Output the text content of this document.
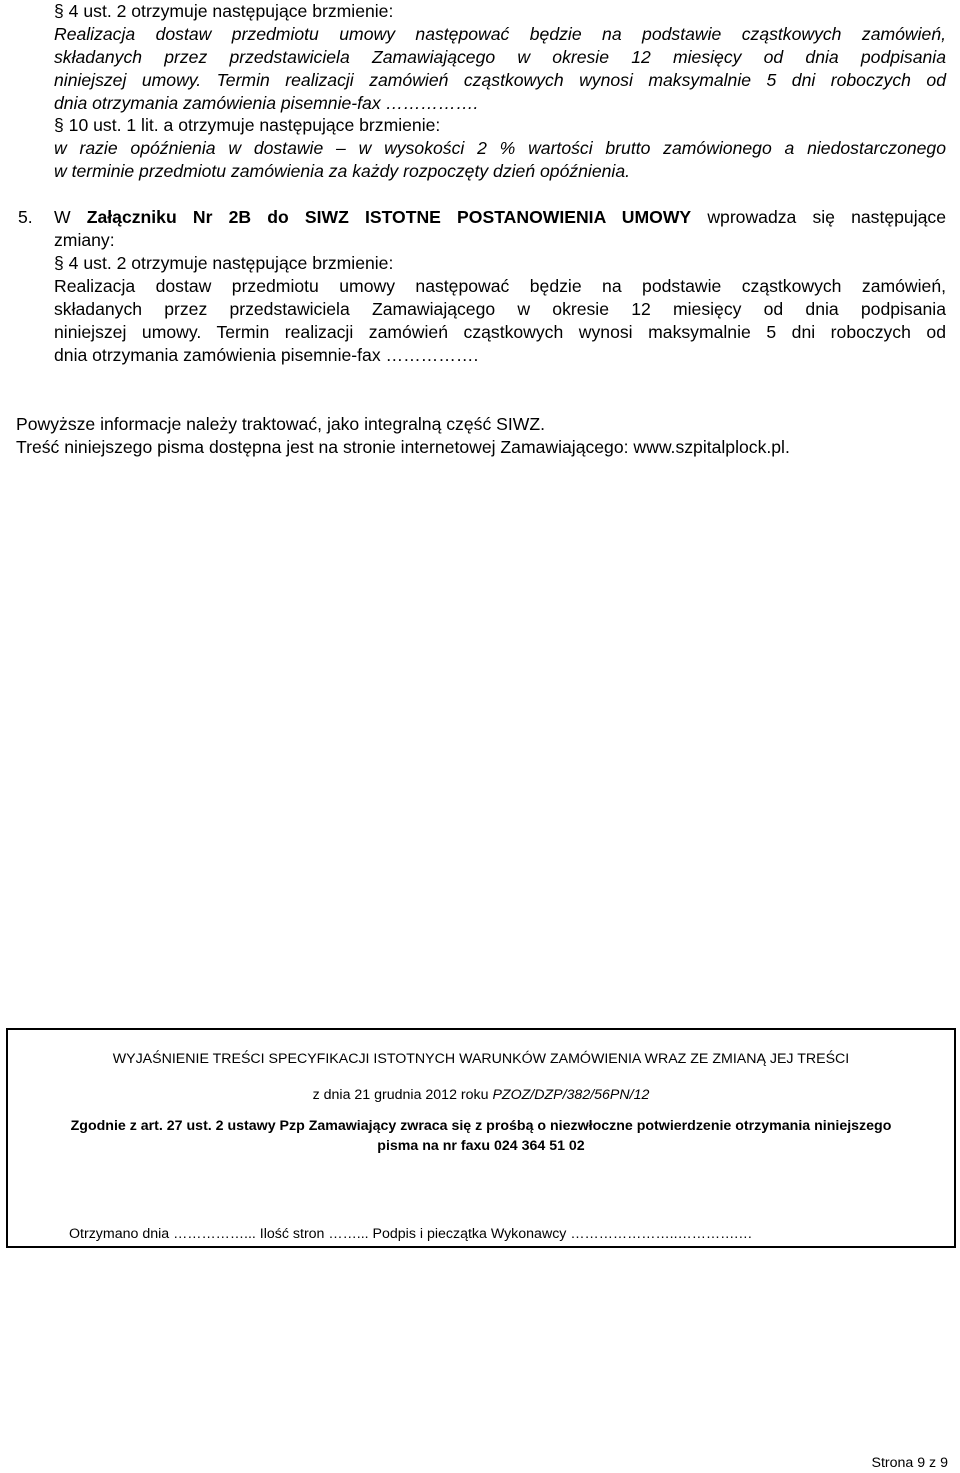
§ 4 ust. 2 otrzymuje następujące brzmienie:
Realizacja dostaw przedmiotu umowy następować będzie na podstawie cząstkowych zamówień,
składanych przez przedstawiciela Zamawiającego w okresie 12 miesięcy od dnia podpisania
niniejszej umowy. Termin realizacji zamówień cząstkowych wynosi maksymalnie 5 dni roboczych od
dnia otrzymania zamówienia pisemnie-fax …………….
§ 10 ust. 1 lit. a otrzymuje następujące brzmienie:
w razie opóźnienia w dostawie – w wysokości 2 % wartości brutto zamówionego a niedostarczonego
w terminie przedmiotu zamówienia za każdy rozpoczęty dzień opóźnienia.
5. W Załączniku Nr 2B do SIWZ ISTOTNE POSTANOWIENIA UMOWY wprowadza się następujące
zmiany:
§ 4 ust. 2 otrzymuje następujące brzmienie:
Realizacja dostaw przedmiotu umowy następować będzie na podstawie cząstkowych zamówień,
składanych przez przedstawiciela Zamawiającego w okresie 12 miesięcy od dnia podpisania
niniejszej umowy. Termin realizacji zamówień cząstkowych wynosi maksymalnie 5 dni roboczych od
dnia otrzymania zamówienia pisemnie-fax …………….
Powyższe informacje należy traktować, jako integralną część SIWZ.
Treść niniejszego pisma dostępna jest na stronie internetowej Zamawiającego: www.szpitalplock.pl.
WYJAŚNIENIE TREŚCI SPECYFIKACJI ISTOTNYCH WARUNKÓW ZAMÓWIENIA WRAZ ZE ZMIANĄ JEJ TREŚCI
z dnia 21 grudnia 2012 roku PZOZ/DZP/382/56PN/12
Zgodnie z art. 27 ust. 2 ustawy Pzp Zamawiający zwraca się z prośbą o niezwłoczne potwierdzenie otrzymania niniejszego
pisma na nr faxu 024 364 51 02
Otrzymano dnia ……………... Ilość stron ……... Podpis i pieczątka Wykonawcy …………………..………….…
Strona 9 z 9
